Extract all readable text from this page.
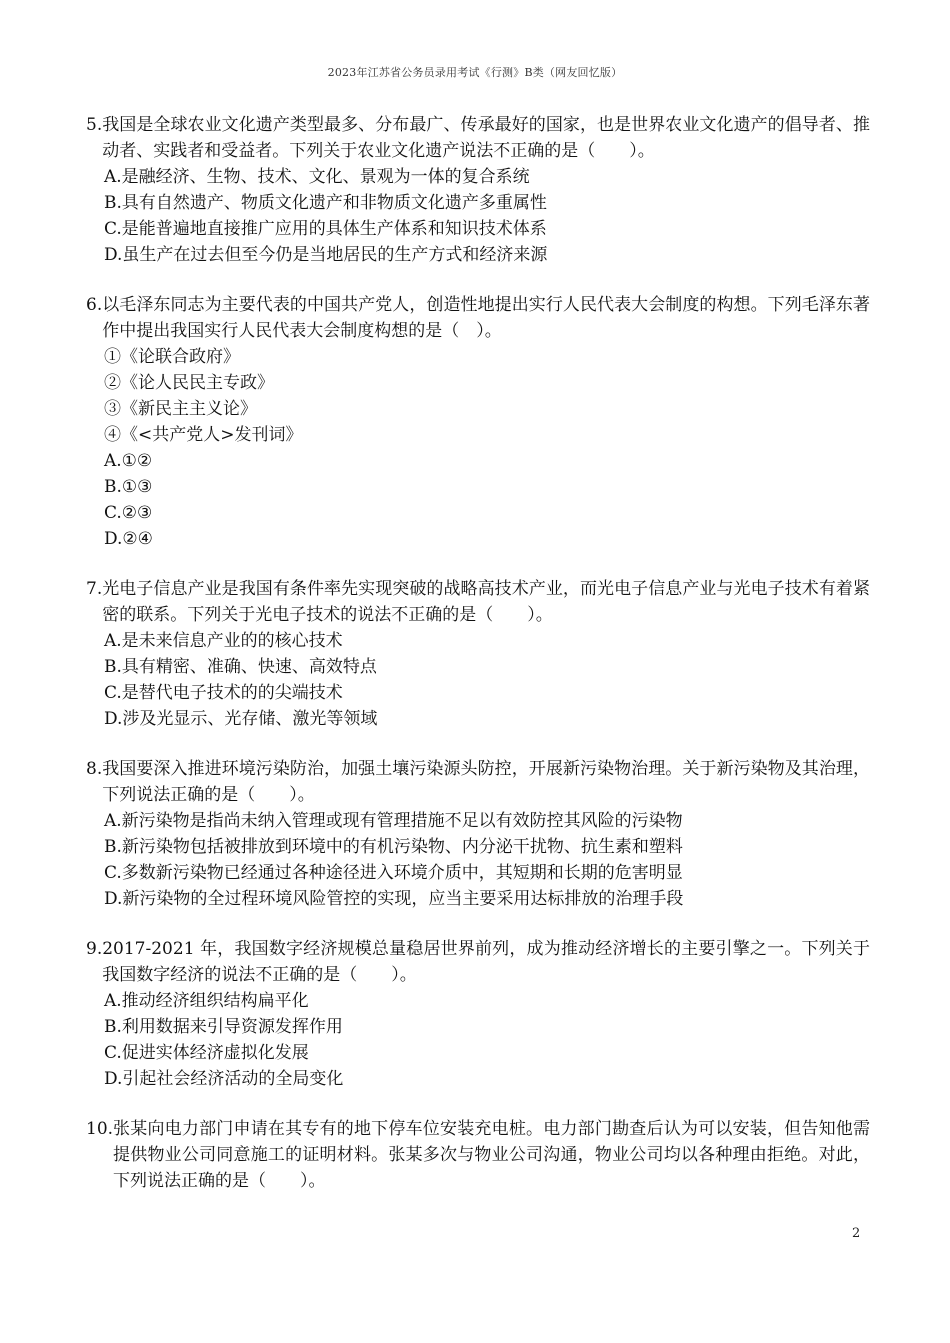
2023年江苏省公务员录用考试《行测》B类（网友回忆版）
5. 我国是全球农业文化遗产类型最多、分布最广、传承最好的国家，也是世界农业文化遗产的倡导者、推动者、实践者和受益者。下列关于农业文化遗产说法不正确的是（　　）。
A.是融经济、生物、技术、文化、景观为一体的复合系统
B.具有自然遗产、物质文化遗产和非物质文化遗产多重属性
C.是能普遍地直接推广应用的具体生产体系和知识技术体系
D.虽生产在过去但至今仍是当地居民的生产方式和经济来源
6. 以毛泽东同志为主要代表的中国共产党人，创造性地提出实行人民代表大会制度的构想。下列毛泽东著作中提出我国实行人民代表大会制度构想的是（　）。
①《论联合政府》
②《论人民民主专政》
③《新民主主义论》
④《<共产党人>发刊词》
A.①②
B.①③
C.②③
D.②④
7. 光电子信息产业是我国有条件率先实现突破的战略高技术产业，而光电子信息产业与光电子技术有着紧密的联系。下列关于光电子技术的说法不正确的是（　　）。
A.是未来信息产业的的核心技术
B.具有精密、准确、快速、高效特点
C.是替代电子技术的的尖端技术
D.涉及光显示、光存储、激光等领域
8. 我国要深入推进环境污染防治，加强土壤污染源头防控，开展新污染物治理。关于新污染物及其治理，下列说法正确的是（　　）。
A.新污染物是指尚未纳入管理或现有管理措施不足以有效防控其风险的污染物
B.新污染物包括被排放到环境中的有机污染物、内分泌干扰物、抗生素和塑料
C.多数新污染物已经通过各种途径进入环境介质中，其短期和长期的危害明显
D.新污染物的全过程环境风险管控的实现，应当主要采用达标排放的治理手段
9. 2017-2021 年，我国数字经济规模总量稳居世界前列，成为推动经济增长的主要引擎之一。下列关于我国数字经济的说法不正确的是（　　）。
A.推动经济组织结构扁平化
B.利用数据来引导资源发挥作用
C.促进实体经济虚拟化发展
D.引起社会经济活动的全局变化
10. 张某向电力部门申请在其专有的地下停车位安装充电桩。电力部门勘查后认为可以安装，但告知他需提供物业公司同意施工的证明材料。张某多次与物业公司沟通，物业公司均以各种理由拒绝。对此，下列说法正确的是（　　）。
2
